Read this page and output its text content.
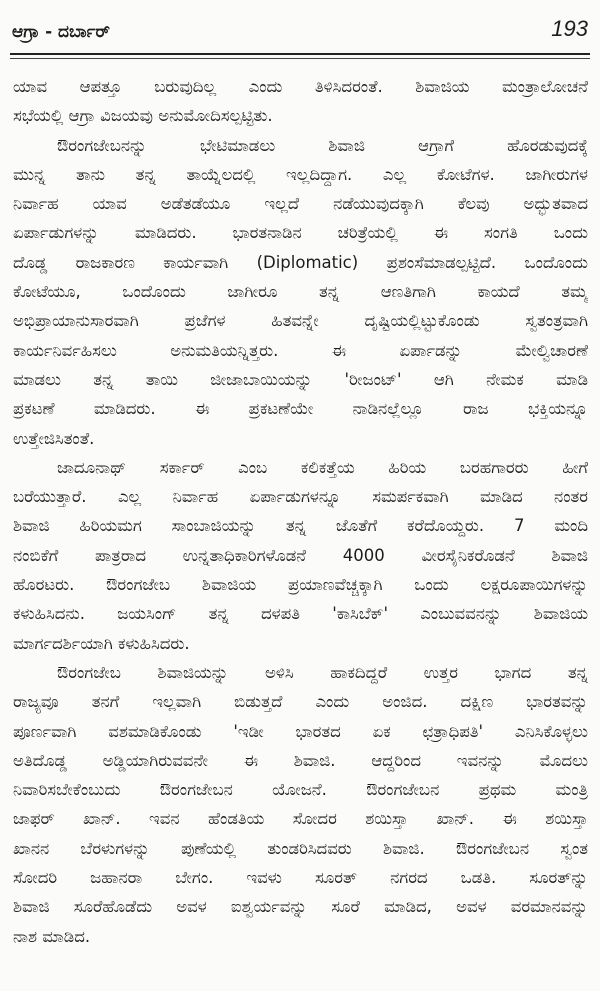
ಆಗ್ರಾ - ದರ್ಬಾರ್	193
ಯಾವ ಆಪತ್ತೂ ಬರುವುದಿಲ್ಲ ಎಂದು ತಿಳಿಸಿದರಂತೆ. ಶಿವಾಜಿಯ ಮಂತ್ರಾಲೋಚನೆ
ಸಭೆಯಲ್ಲಿ ಆಗ್ರಾ ವಿಜಯವು ಅನುಮೋದಿಸಲ್ಪಟ್ಟಿತು.
ಔರಂಗಜೇಬನನ್ನು ಭೇಟಿಮಾಡಲು ಶಿವಾಜಿ ಆಗ್ರಾಗೆ ಹೊರಡುವುದಕ್ಕೆ
ಮುನ್ನ ತಾನು ತನ್ನ ತಾಯ್ನೆಲದಲ್ಲಿ ಇಲ್ಲದಿದ್ದಾಗ. ಎಲ್ಲ ಕೋಟೆಗಳ. ಜಾಗೀರುಗಳ
ನಿರ್ವಾಹ ಯಾವ ಅಡೆತಡೆಯೂ ಇಲ್ಲದೆ ನಡೆಯುವುದಕ್ಕಾಗಿ ಕೆಲವು ಅದ್ಭುತವಾದ
ಏರ್ಪಾಡುಗಳನ್ನು ಮಾಡಿದರು. ಭಾರತನಾಡಿನ ಚರಿತ್ರೆಯಲ್ಲಿ ಈ ಸಂಗತಿ ಒಂದು
ದೊಡ್ಡ ರಾಜಕಾರಣ ಕಾರ್ಯವಾಗಿ (Diplomatic) ಪ್ರಶಂಸೆಮಾಡಲ್ಪಟ್ಟಿದೆ. ಒಂದೊಂದು
ಕೋಟೆಯೂ, ಒಂದೊಂದು ಜಾಗೀರೂ ತನ್ನ ಆಣತಿಗಾಗಿ ಕಾಯದೆ ತಮ್ಮ
ಅಭಿಪ್ರಾಯಾನುಸಾರವಾಗಿ ಪ್ರಜೆಗಳ ಹಿತವನ್ನೇ ದೃಷ್ಟಿಯಲ್ಲಿಟ್ಟುಕೊಂಡು ಸ್ವತಂತ್ರವಾಗಿ
ಕಾರ್ಯನಿರ್ವಹಿಸಲು ಅನುಮತಿಯನ್ನಿತ್ತರು. ಈ ಏರ್ಪಾಡನ್ನು ಮೇಲ್ವಿಚಾರಣೆ
ಮಾಡಲು ತನ್ನ ತಾಯಿ ಜೀಜಾಬಾಯಿಯನ್ನು 'ರೀಜಂಟ್' ಆಗಿ ನೇಮಕ ಮಾಡಿ
ಪ್ರಕಟಣೆ ಮಾಡಿದರು. ಈ ಪ್ರಕಟಣೆಯೇ ನಾಡಿನಲ್ಲೆಲ್ಲೂ ರಾಜ ಭಕ್ತಿಯನ್ನೂ
ಉತ್ತೇಜಿಸಿತಂತೆ.
ಜಾದೂನಾಥ್ ಸರ್ಕಾರ್ ಎಂಬ ಕಲಿಕತ್ತೆಯ ಹಿರಿಯ ಬರಹಗಾರರು ಹೀಗೆ
ಬರೆಯುತ್ತಾರೆ. ಎಲ್ಲ ನಿರ್ವಾಹ ಏರ್ಪಾಡುಗಳನ್ನೂ ಸಮರ್ಪಕವಾಗಿ ಮಾಡಿದ ನಂತರ
ಶಿವಾಜಿ ಹಿರಿಯಮಗ ಸಾಂಬಾಜಿಯನ್ನು ತನ್ನ ಜೊತೆಗೆ ಕರೆದೊಯ್ದರು. 7 ಮಂದಿ
ನಂಬಿಕೆಗೆ ಪಾತ್ರರಾದ ಉನ್ನತಾಧಿಕಾರಿಗಳೊಡನೆ 4000 ವೀರಸೈನಿಕರೊಡನೆ ಶಿವಾಜಿ
ಹೊರಟರು. ಔರಂಗಜೇಬ ಶಿವಾಜಿಯ ಪ್ರಯಾಣವೆಚ್ಚಕ್ಕಾಗಿ ಒಂದು ಲಕ್ಷರೂಪಾಯಿಗಳನ್ನು
ಕಳುಹಿಸಿದನು. ಜಯಸಿಂಗ್ ತನ್ನ ದಳಪತಿ 'ಕಾಸಿಬೆಕ್' ಎಂಬುವವನನ್ನು ಶಿವಾಜಿಯ
ಮಾರ್ಗದರ್ಶಿಯಾಗಿ ಕಳುಹಿಸಿದರು.
ಔರಂಗಜೇಬ ಶಿವಾಜಿಯನ್ನು ಅಳಿಸಿ ಹಾಕದಿದ್ದರೆ ಉತ್ತರ ಭಾಗದ ತನ್ನ
ರಾಜ್ಯವೂ ತನಗೆ ಇಲ್ಲವಾಗಿ ಬಿಡುತ್ತದೆ ಎಂದು ಅಂಜಿದ. ದಕ್ಷಿಣ ಭಾರತವನ್ನು
ಪೂರ್ಣವಾಗಿ ವಶಮಾಡಿಕೊಂಡು 'ಇಡೀ ಭಾರತದ ಏಕ ಛತ್ರಾಧಿಪತಿ' ಎನಿಸಿಕೊಳ್ಳಲು
ಅತಿದೊಡ್ಡ ಅಡ್ಡಿಯಾಗಿರುವವನೇ ಈ ಶಿವಾಜಿ. ಆದ್ದರಿಂದ ಇವನನ್ನು ಮೊದಲು
ನಿವಾರಿಸಬೇಕೆಂಬುದು ಔರಂಗಜೇಬನ ಯೋಜನೆ. ಔರಂಗಜೇಬನ ಪ್ರಥಮ ಮಂತ್ರಿ
ಜಾಫರ್ ಖಾನ್. ಇವನ ಹೆಂಡತಿಯ ಸೋದರ ಶಯಿಸ್ತಾ ಖಾನ್. ಈ ಶಯಿಸ್ತಾ
ಖಾನನ ಬೆರಳುಗಳನ್ನು ಪುಣೆಯಲ್ಲಿ ತುಂಡರಿಸಿದವರು ಶಿವಾಜಿ. ಔರಂಗಜೇಬನ ಸ್ವಂತ
ಸೋದರಿ ಜಹಾನರಾ ಬೇಗಂ. ಇವಳು ಸೂರತ್ ನಗರದ ಒಡತಿ. ಸೂರತ್‌ನ್ನು
ಶಿವಾಜಿ ಸೂರೆಹೊಡೆದು ಅವಳ ಐಶ್ವರ್ಯವನ್ನು ಸೂರೆ ಮಾಡಿದ, ಅವಳ ವರಮಾನವನ್ನು
ನಾಶ ಮಾಡಿದ.
